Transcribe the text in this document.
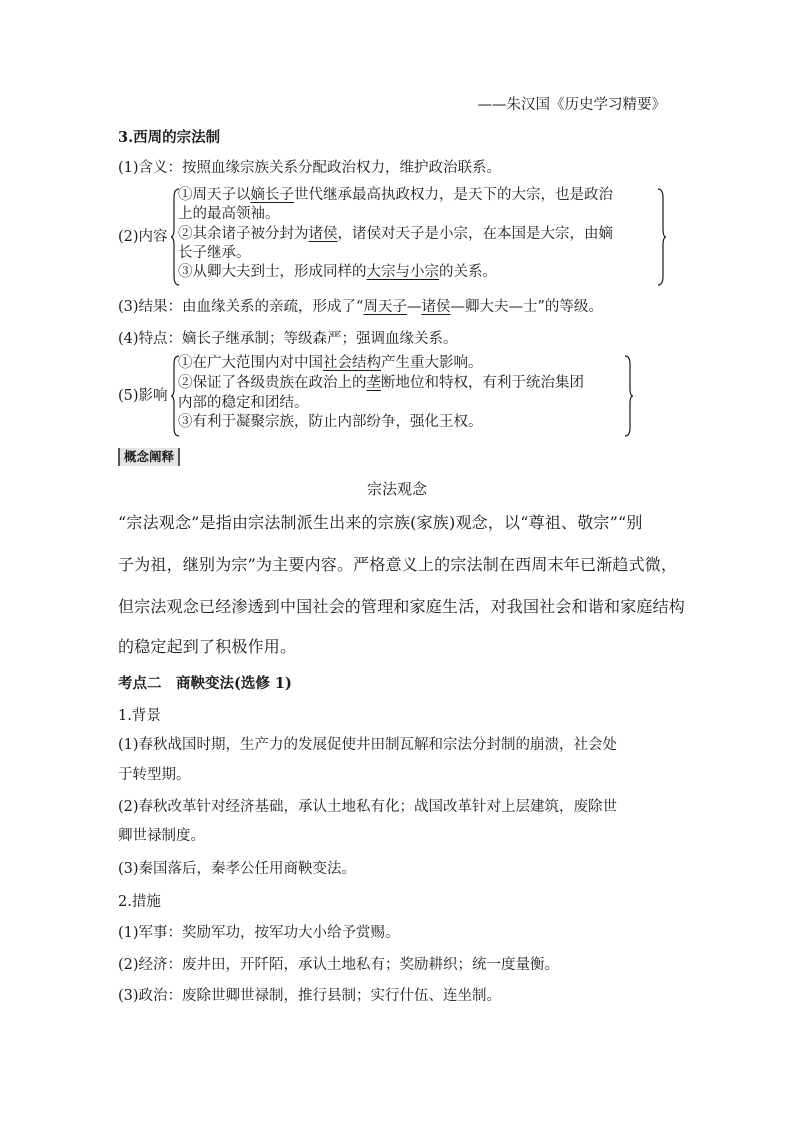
——朱汉国《历史学习精要》
3.西周的宗法制
(1)含义：按照血缘宗族关系分配政治权力，维护政治联系。
(2)内容
①周天子以嫡长子世代继承最高执政权力，是天下的大宗，也是政治
上的最高领袖。
②其余诸子被分封为诸侯，诸侯对天子是小宗，在本国是大宗，由嫡
长子继承。
③从卿大夫到士，形成同样的大宗与小宗的关系。
(3)结果：由血缘关系的亲疏，形成了“周天子—诸侯—卿大夫—士”的等级。
(4)特点：嫡长子继承制；等级森严；强调血缘关系。
(5)影响
①在广大范围内对中国社会结构产生重大影响。
②保证了各级贵族在政治上的垄断地位和特权，有利于统治集团
内部的稳定和团结。
③有利于凝聚宗族，防止内部纷争，强化王权。
概念阐释
宗法观念
“宗法观念”是指由宗法制派生出来的宗族(家族)观念，以“尊祖、敬宗”“别
子为祖，继别为宗”为主要内容。严格意义上的宗法制在西周末年已渐趋式微，
但宗法观念已经渗透到中国社会的管理和家庭生活，对我国社会和谐和家庭结构
的稳定起到了积极作用。
考点二　商鞅变法(选修 1)
1.背景
(1)春秋战国时期，生产力的发展促使井田制瓦解和宗法分封制的崩溃，社会处
于转型期。
(2)春秋改革针对经济基础，承认土地私有化；战国改革针对上层建筑，废除世
卿世禄制度。
(3)秦国落后，秦孝公任用商鞅变法。
2.措施
(1)军事：奖励军功，按军功大小给予赏赐。
(2)经济：废井田，开阡陌，承认土地私有；奖励耕织；统一度量衡。
(3)政治：废除世卿世禄制，推行县制；实行什伍、连坐制。
